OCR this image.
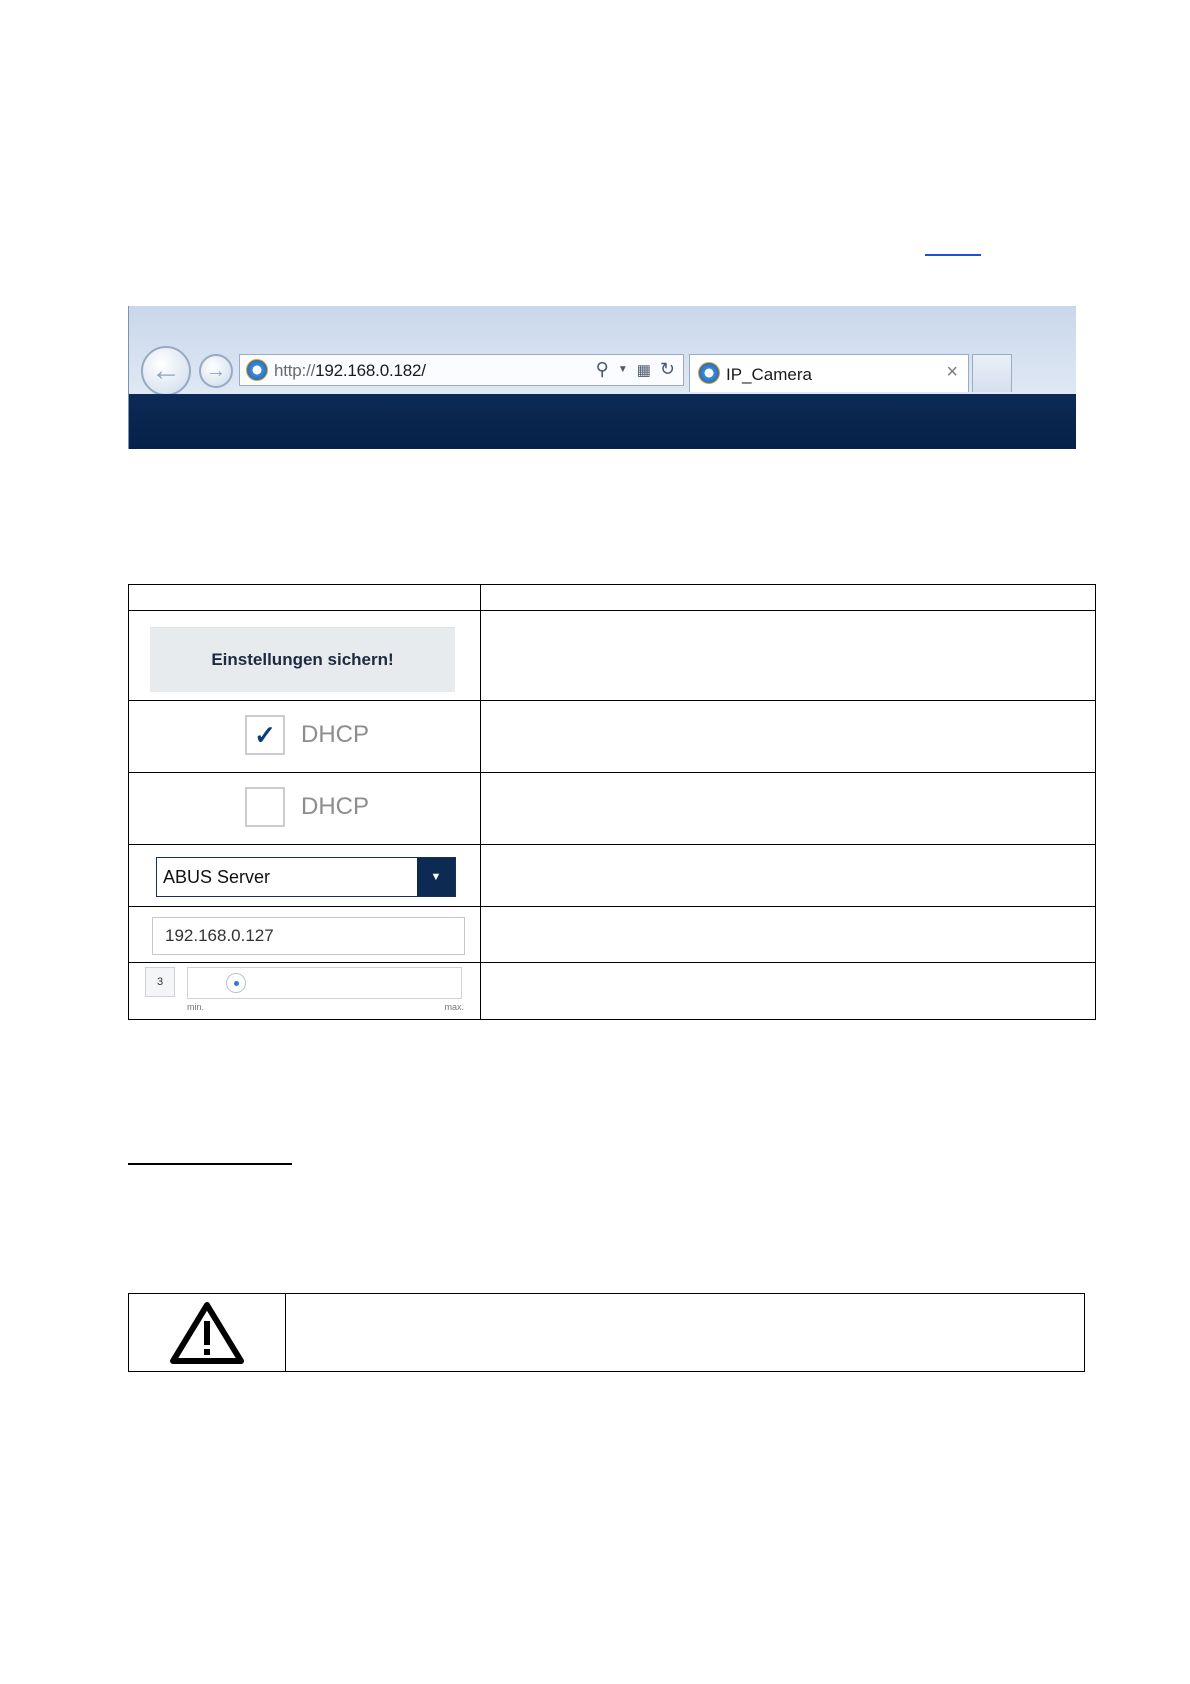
←	→	http://192.168.0.182/	⚲ ▼ ▦ ↻	IP_Camera	×

Einstellungen sichern!	

✓ DHCP	

DHCP	

ABUS Server ▼	

192.168.0.127	

3
min. max.	
